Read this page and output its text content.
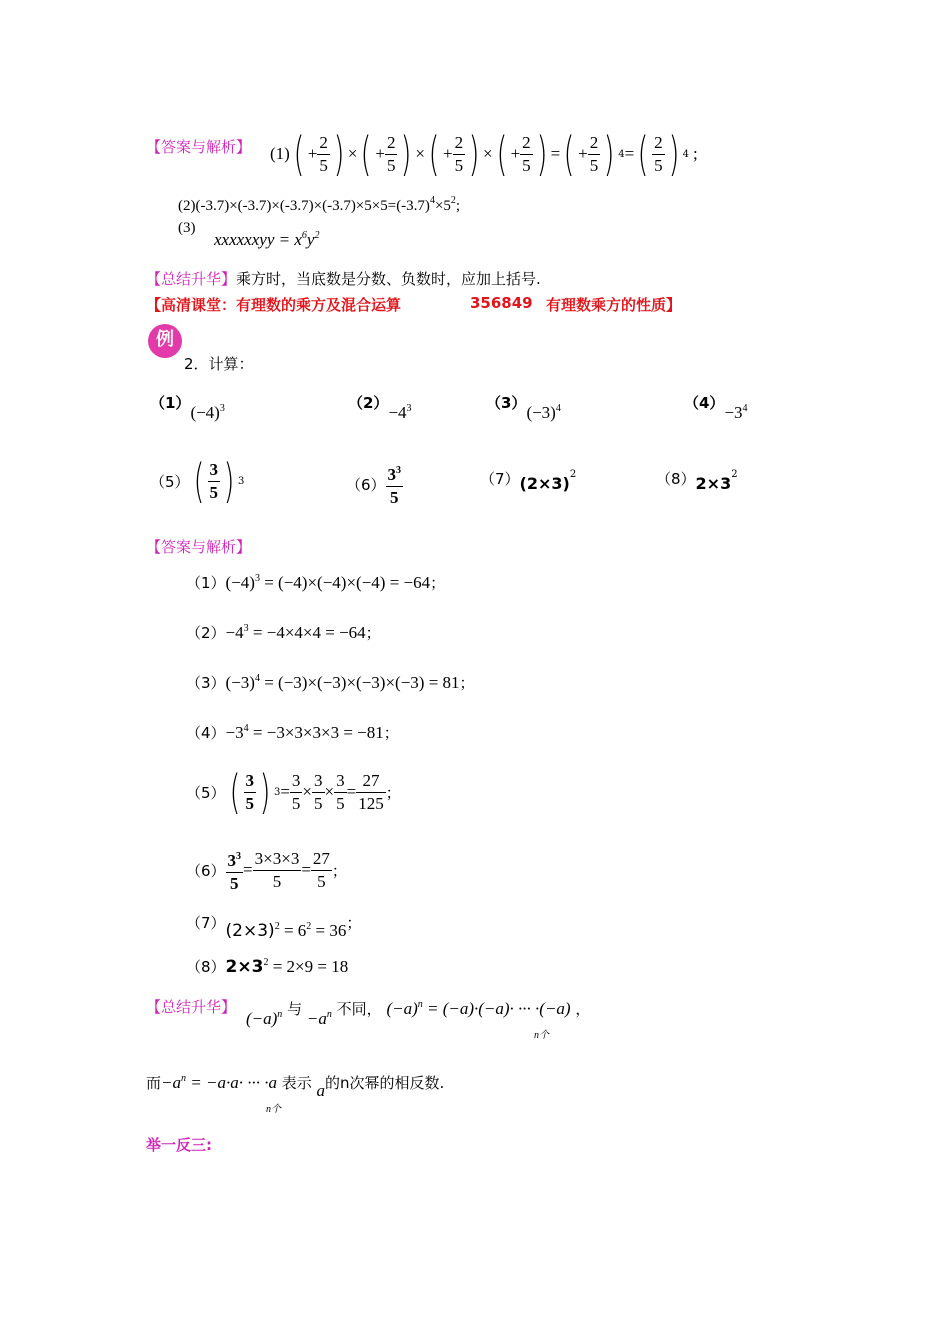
【答案与解析】 (1) ( + $\frac{2}{5}$ ) × ( + $\frac{2}{5}$ ) × ( + $\frac{2}{5}$ ) × ( + $\frac{2}{5}$ ) = ( + $\frac{2}{5}$ ) 4 = ( $\frac{2}{5}$ ) 4 ;
$(2)(-3.7)\times(-3.7)\times(-3.7)\times(-3.7)\times 5\times 5=(-3.7)^4\times 5^2$;
(3)
xxxxxxyy = $x^6y^2$
【总结升华】乘方时，当底数是分数、负数时，应加上括号.
【高清课堂：有理数的乘方及混合运算	356849 有理数乘方的性质】
例
2．计算：
$(1)(-4)^3$	$(2)-4^3$	$(3)(-3)^4$	$(4)-3^4$
（5） ( $\frac{3}{5}$ ) 3	$(6) \frac{3^3}{5}$	$(7)(2\times 3)^2$	$(8)2\times 3^2$
【答案与解析】
$(1)(-4)^3 = (-4)\times(-4)\times(-4) = -64$；
$(2)-4^3 = -4\times 4\times 4 = -64$；
$(3)(-3)^4 = (-3)\times(-3)\times(-3)\times(-3) = 81$；
$(4)-3^4 = -3\times 3\times 3\times 3 = -81$；
（5） ( $\frac{3}{5}$ ) $3 = \frac{3}{5} \times \frac{3}{5} \times \frac{3}{5} = \frac{27}{125}$ ；
$(6) \frac{3^3}{5} = \frac{3\times 3\times 3}{5} = \frac{27}{5}$ ；
$(7)(2\times 3)^2 = 6^2 = 36$；
$(8)2\times 3^2 = 2\times 9 = 18$
【总结升华】
$(-a)^n$ 与 $-a^n$ 不同， $(-a)^n = (-a)\cdot(-a)\cdot$ ··· ·(−a) ，
n个
而$-a^n = -a\cdot a\cdot$ ··· ·a 表示 a的n次幂的相反数.
n个
举一反三:
